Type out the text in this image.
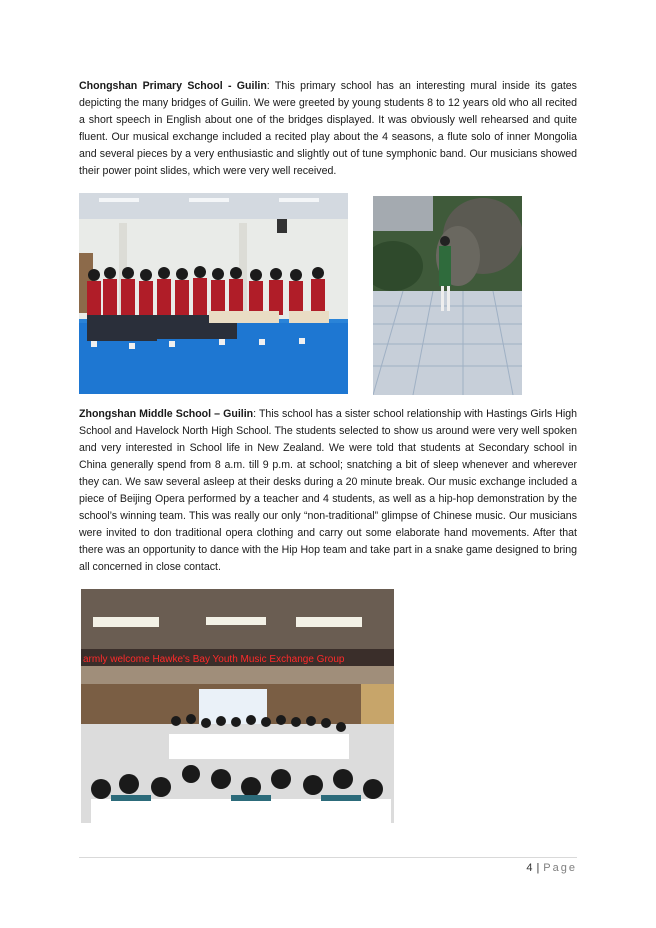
Chongshan Primary School - Guilin: This primary school has an interesting mural inside its gates depicting the many bridges of Guilin. We were greeted by young students 8 to 12 years old who all recited a short speech in English about one of the bridges displayed. It was obviously well rehearsed and quite fluent. Our musical exchange included a recited play about the 4 seasons, a flute solo of inner Mongolia and several pieces by a very enthusiastic and slightly out of tune symphonic band. Our musicians showed their power point slides, which were very well received.

Zhongshan Middle School – Guilin: This school has a sister school relationship with Hastings Girls High School and Havelock North High School. The students selected to show us around were very well spoken and very interested in School life in New Zealand. We were told that students at Secondary school in China generally spend from 8 a.m. till 9 p.m. at school; snatching a bit of sleep whenever and wherever they can. We saw several asleep at their desks during a 20 minute break. Our music exchange included a piece of Beijing Opera performed by a teacher and 4 students, as well as a hip-hop demonstration by the school’s winning team. This was really our only “non-traditional” glimpse of Chinese music. Our musicians were invited to don traditional opera clothing and carry out some elaborate hand movements. After that there was an opportunity to dance with the Hip Hop team and take part in a snake game designed to bring all concerned in close contact.

armly welcome Hawke's Bay Youth Music Exchange Group
4 | Page
